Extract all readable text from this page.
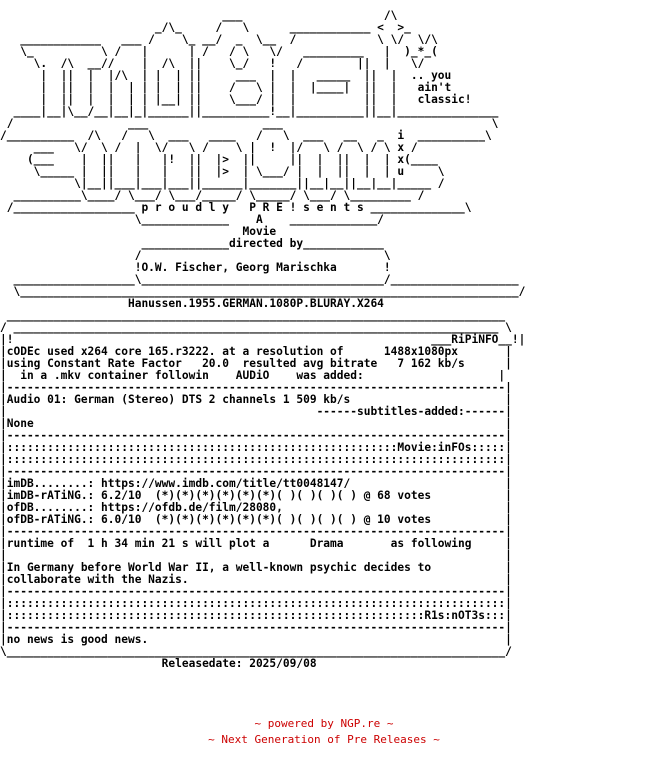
___                     /\
_/\_     /   \      ____________ <  >_
____________   ___ /    \_ __/  _  \__  /            \ \/  \/\
\_          \ /   |      | /   / \   \/   _________   |  )_*_(
\.  /\  __//    |  /\  ||    \_/   !   /        ||  |   \/
|  ||  |  |/\  | |  | ||     ___  |  |   _____  ||  |  .. you
|  ||  |  |  | | |  | ||    /   \ |  |  |____|  ||  |   ain't
|  ||  |  |  | | |__| ||    \___/ |  |          ||  |   classic!
____|__|\__/__|__|_|______||__________!__|__________||__|_______________
/                 ___                 ___                               \
/__________  /\   /   \  ___   ____   /   \  ___   __   _  i  __________\
___   \/  \ /  |  \/   \ /    \ |  !  |/   \ /  \ / \ x /
(___    |  ||   |   |!  ||  |>  ||     ||  |  ||  |  | x(____
\_____ |  ||   |   |   ||  |>  | \___/ |  |  ||  |  | u     \
\|__||___|___|___||______|_______||__|__||__|__|_____ /
__________\____/ \___/ \___/_____/ \_____/ \___/ \_________ /
/__________________ p r o u d l y   P R E ! s e n t s ______________\
\_____________    A    _____________/
Movie
_____________directed by____________
/                                    \
!O.W. Fischer, Georg Marischka       !
__________________\____________________________________/___________________
\__________________________________________________________________________/
Hanussen.1955.GERMAN.1080P.BLURAY.X264
__________________________________________________________________________
/ ________________________________________________________________________ \
|!                                                              ___RiPiNFO__!|
|cODEc used x264 core 165.r3222. at a resolution of      1488x1080px       |
|using Constant Rate Factor   20.0  resulted avg bitrate   7 162 kb/s      |
|  in a .mkv container followin    AUDiO    was added:                    |
|--------------------------------------------------------------------------|
|Audio 01: German (Stereo) DTS 2 channels 1 509 kb/s                       |
|                                              ------subtitles-added:------|
|None                                                                      |
|--------------------------------------------------------------------------|
|::::::::::::::::::::::::::::::::::::::::::::::::::::::::::Movie:inFOs:::::|
|::::::::::::::::::::::::::::::::::::::::::::::::::::::::::::::::::::::::::|
|--------------------------------------------------------------------------|
|imDB........: https://www.imdb.com/title/tt0048147/                       |
|imDB-rATiNG.: 6.2/10  (*)(*)(*)(*)(*)(*)( )( )( )( ) @ 68 votes           |
|ofDB........: https://ofdb.de/film/28080,                                 |
|ofDB-rATiNG.: 6.0/10  (*)(*)(*)(*)(*)(*)( )( )( )( ) @ 10 votes           |
|--------------------------------------------------------------------------|
|runtime of  1 h 34 min 21 s will plot a      Drama       as following     |
|                                                                          |
|In Germany before World War II, a well-known psychic decides to           |
|collaborate with the Nazis.                                               |
|--------------------------------------------------------------------------|
|::::::::::::::::::::::::::::::::::::::::::::::::::::::::::::::::::::::::::|
|::::::::::::::::::::::::::::::::::::::::::::::::::::::::::::::R1s:nOT3s:::|
|--------------------------------------------------------------------------|
|no news is good news.                                                     |
\__________________________________________________________________________/
Releasedate: 2025/09/08
~ powered by NGP.re ~
~ Next Generation of Pre Releases ~
